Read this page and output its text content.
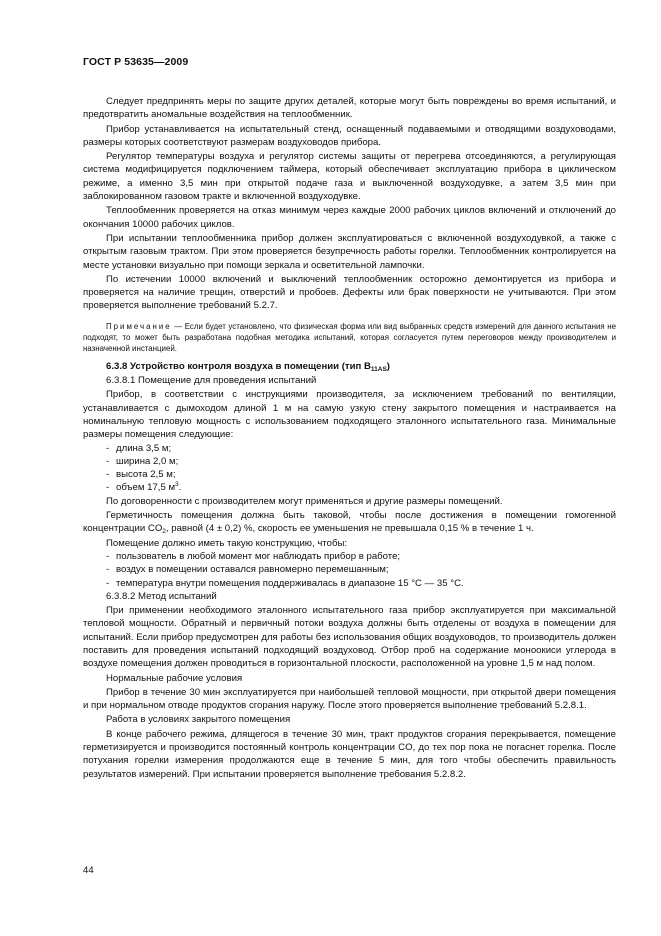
ГОСТ Р 53635—2009

Следует предпринять меры по защите других деталей, которые могут быть повреждены во время испытаний, и предотвратить аномальные воздействия на теплообменник.

Прибор устанавливается на испытательный стенд, оснащенный подаваемыми и отводящими воздуховодами, размеры которых соответствуют размерам воздуховодов прибора.

Регулятор температуры воздуха и регулятор системы защиты от перегрева отсоединяются, а регулирующая система модифицируется подключением таймера, который обеспечивает эксплуатацию прибора в циклическом режиме, а именно 3,5 мин при открытой подаче газа и выключенной воздуходувке, а затем 3,5 мин при заблокированном газовом тракте и включенной воздуходувке.

Теплообменник проверяется на отказ минимум через каждые 2000 рабочих циклов включений и отключений до окончания 10000 рабочих циклов.

При испытании теплообменника прибор должен эксплуатироваться с включенной воздуходувкой, а также с открытым газовым трактом. При этом проверяется безупречность работы горелки. Теплообменник контролируется на месте установки визуально при помощи зеркала и осветительной лампочки.

По истечении 10000 включений и выключений теплообменник осторожно демонтируется из прибора и проверяется на наличие трещин, отверстий и пробоев. Дефекты или брак поверхности не учитываются. При этом проверяется выполнение требований 5.2.7.

Примечание — Если будет установлено, что физическая форма или вид выбранных средств измерений для данного испытания не подходят, то может быть разработана подобная методика испытаний, которая согласуется путем переговоров между производителем и назначенной инстанцией.

6.3.8 Устройство контроля воздуха в помещении (тип $B_{11AS}$)

6.3.8.1 Помещение для проведения испытаний

Прибор, в соответствии с инструкциями производителя, за исключением требований по вентиляции, устанавливается с дымоходом длиной 1 м на самую узкую стену закрытого помещения и настраивается на номинальную тепловую мощность с использованием подходящего эталонного испытательного газа. Минимальные размеры помещения следующие:

- длина 3,5 м;

- ширина 2,0 м;

- высота 2,5 м;

- объем 17,5 $м^3$.

По договоренности с производителем могут применяться и другие размеры помещений.

Герметичность помещения должна быть таковой, чтобы после достижения в помещении гомогенной концентрации $CO_2$, равной (4 ± 0,2) %, скорость ее уменьшения не превышала 0,15 % в течение 1 ч.

Помещение должно иметь такую конструкцию, чтобы:

- пользователь в любой момент мог наблюдать прибор в работе;

- воздух в помещении оставался равномерно перемешанным;

- температура внутри помещения поддерживалась в диапазоне 15 °C — 35 °C.

6.3.8.2 Метод испытаний

При применении необходимого эталонного испытательного газа прибор эксплуатируется при максимальной тепловой мощности. Обратный и первичный потоки воздуха должны быть отделены от воздуха в помещении для испытаний. Если прибор предусмотрен для работы без использования общих воздуховодов, то производитель должен поставить для проведения испытаний подходящий воздуховод. Отбор проб на содержание моноокиси углерода в воздухе помещения должен проводиться в горизонтальной плоскости, расположенной на уровне 1,5 м над полом.

Нормальные рабочие условия

Прибор в течение 30 мин эксплуатируется при наибольшей тепловой мощности, при открытой двери помещения и при нормальном отводе продуктов сгорания наружу. После этого проверяется выполнение требований 5.2.8.1.

Работа в условиях закрытого помещения

В конце рабочего режима, длящегося в течение 30 мин, тракт продуктов сгорания перекрывается, помещение герметизируется и производится постоянный контроль концентрации CO, до тех пор пока не погаснет горелка. После потухания горелки измерения продолжаются еще в течение 5 мин, для того чтобы обеспечить правильность результатов измерений. При испытании проверяется выполнение требования 5.2.8.2.

44
